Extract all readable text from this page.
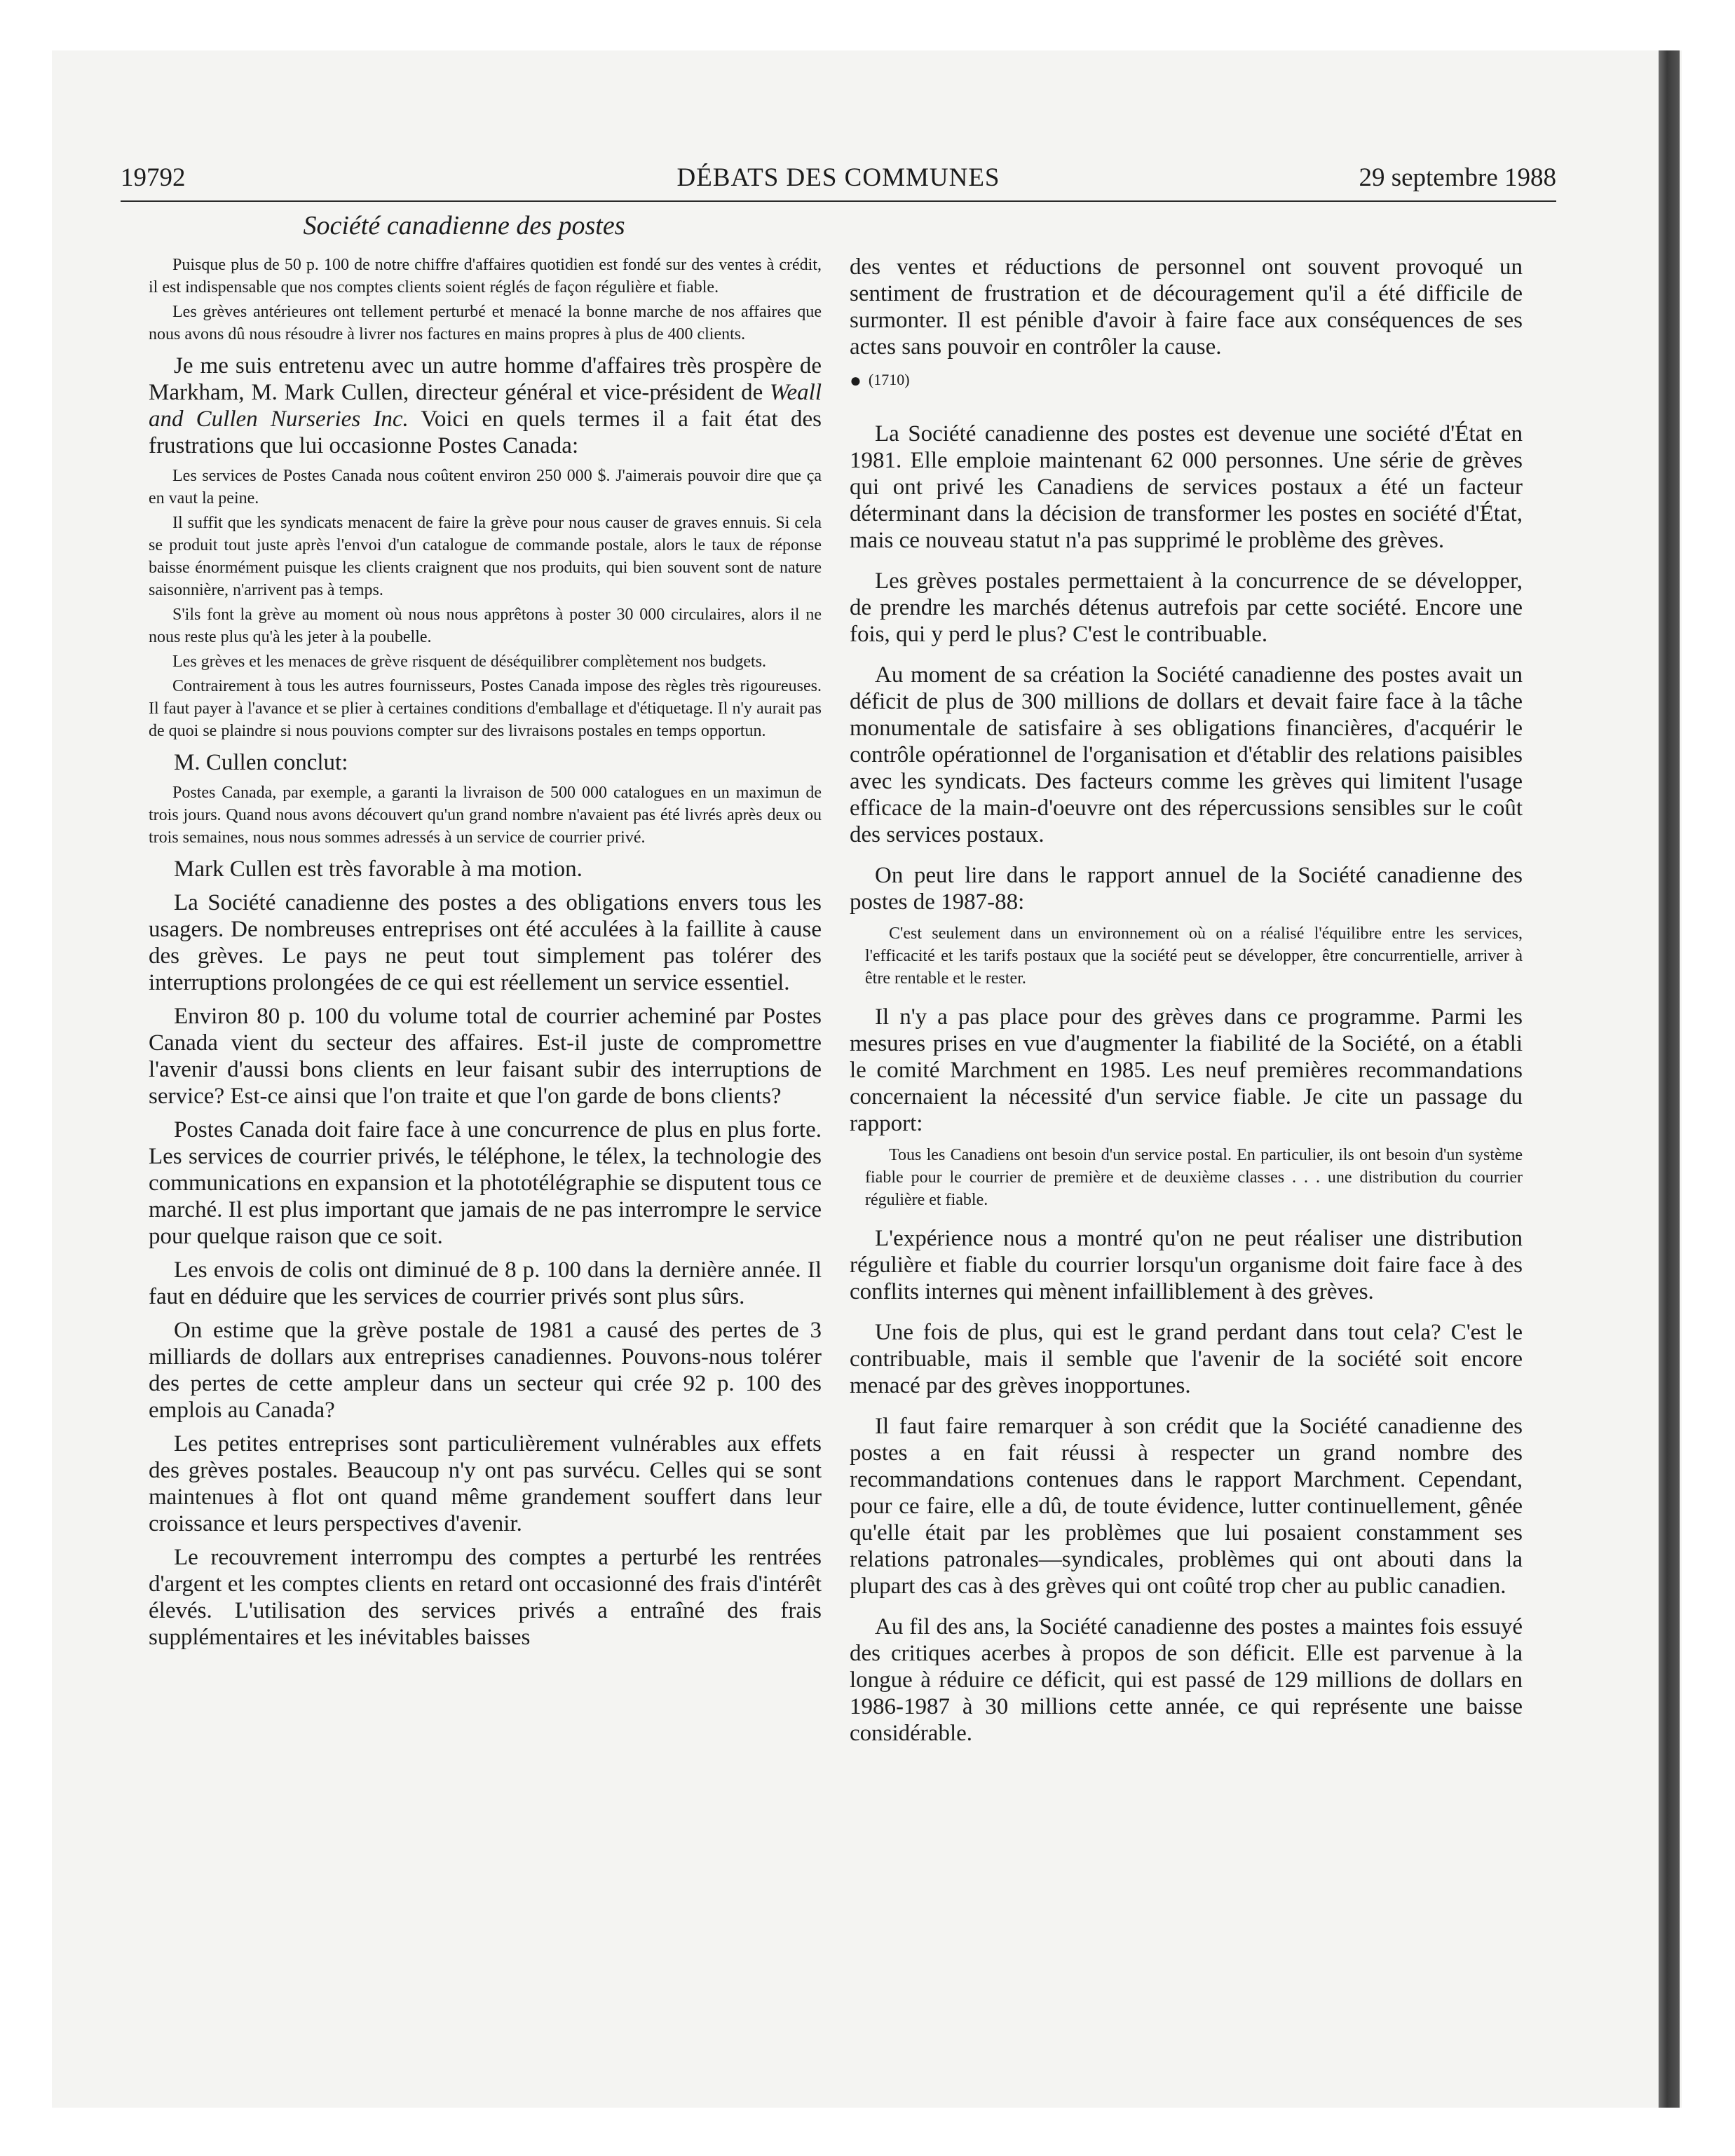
19792	DÉBATS DES COMMUNES	29 septembre 1988
Société canadienne des postes

Puisque plus de 50 p. 100 de notre chiffre d'affaires quotidien est fondé sur des ventes à crédit, il est indispensable que nos comptes clients soient réglés de façon régulière et fiable.

Les grèves antérieures ont tellement perturbé et menacé la bonne marche de nos affaires que nous avons dû nous résoudre à livrer nos factures en mains propres à plus de 400 clients.

Je me suis entretenu avec un autre homme d'affaires très prospère de Markham, M. Mark Cullen, directeur général et vice-président de Weall and Cullen Nurseries Inc. Voici en quels termes il a fait état des frustrations que lui occasionne Postes Canada:

Les services de Postes Canada nous coûtent environ 250 000 $. J'aimerais pouvoir dire que ça en vaut la peine.

Il suffit que les syndicats menacent de faire la grève pour nous causer de graves ennuis. Si cela se produit tout juste après l'envoi d'un catalogue de commande postale, alors le taux de réponse baisse énormément puisque les clients craignent que nos produits, qui bien souvent sont de nature saisonnière, n'arrivent pas à temps.

S'ils font la grève au moment où nous nous apprêtons à poster 30 000 circulaires, alors il ne nous reste plus qu'à les jeter à la poubelle.

Les grèves et les menaces de grève risquent de déséquilibrer complètement nos budgets.

Contrairement à tous les autres fournisseurs, Postes Canada impose des règles très rigoureuses. Il faut payer à l'avance et se plier à certaines conditions d'emballage et d'étiquetage. Il n'y aurait pas de quoi se plaindre si nous pouvions compter sur des livraisons postales en temps opportun.

M. Cullen conclut:

Postes Canada, par exemple, a garanti la livraison de 500 000 catalogues en un maximun de trois jours. Quand nous avons découvert qu'un grand nombre n'avaient pas été livrés après deux ou trois semaines, nous nous sommes adressés à un service de courrier privé.

Mark Cullen est très favorable à ma motion.

La Société canadienne des postes a des obligations envers tous les usagers. De nombreuses entreprises ont été acculées à la faillite à cause des grèves. Le pays ne peut tout simplement pas tolérer des interruptions prolongées de ce qui est réellement un service essentiel.

Environ 80 p. 100 du volume total de courrier acheminé par Postes Canada vient du secteur des affaires. Est-il juste de compromettre l'avenir d'aussi bons clients en leur faisant subir des interruptions de service? Est-ce ainsi que l'on traite et que l'on garde de bons clients?

Postes Canada doit faire face à une concurrence de plus en plus forte. Les services de courrier privés, le téléphone, le télex, la technologie des communications en expansion et la phototélégraphie se disputent tous ce marché. Il est plus important que jamais de ne pas interrompre le service pour quelque raison que ce soit.

Les envois de colis ont diminué de 8 p. 100 dans la dernière année. Il faut en déduire que les services de courrier privés sont plus sûrs.

On estime que la grève postale de 1981 a causé des pertes de 3 milliards de dollars aux entreprises canadiennes. Pouvons-nous tolérer des pertes de cette ampleur dans un secteur qui crée 92 p. 100 des emplois au Canada?

Les petites entreprises sont particulièrement vulnérables aux effets des grèves postales. Beaucoup n'y ont pas survécu. Celles qui se sont maintenues à flot ont quand même grandement souffert dans leur croissance et leurs perspectives d'avenir.

Le recouvrement interrompu des comptes a perturbé les rentrées d'argent et les comptes clients en retard ont occasionné des frais d'intérêt élevés. L'utilisation des services privés a entraîné des frais supplémentaires et les inévitables baisses

des ventes et réductions de personnel ont souvent provoqué un sentiment de frustration et de découragement qu'il a été difficile de surmonter. Il est pénible d'avoir à faire face aux conséquences de ses actes sans pouvoir en contrôler la cause.

● (1710)

La Société canadienne des postes est devenue une société d'État en 1981. Elle emploie maintenant 62 000 personnes. Une série de grèves qui ont privé les Canadiens de services postaux a été un facteur déterminant dans la décision de transformer les postes en société d'État, mais ce nouveau statut n'a pas supprimé le problème des grèves.

Les grèves postales permettaient à la concurrence de se développer, de prendre les marchés détenus autrefois par cette société. Encore une fois, qui y perd le plus? C'est le contribuable.

Au moment de sa création la Société canadienne des postes avait un déficit de plus de 300 millions de dollars et devait faire face à la tâche monumentale de satisfaire à ses obligations financières, d'acquérir le contrôle opérationnel de l'organisation et d'établir des relations paisibles avec les syndicats. Des facteurs comme les grèves qui limitent l'usage efficace de la main-d'oeuvre ont des répercussions sensibles sur le coût des services postaux.

On peut lire dans le rapport annuel de la Société canadienne des postes de 1987-88:

C'est seulement dans un environnement où on a réalisé l'équilibre entre les services, l'efficacité et les tarifs postaux que la société peut se développer, être concurrentielle, arriver à être rentable et le rester.

Il n'y a pas place pour des grèves dans ce programme. Parmi les mesures prises en vue d'augmenter la fiabilité de la Société, on a établi le comité Marchment en 1985. Les neuf premières recommandations concernaient la nécessité d'un service fiable. Je cite un passage du rapport:

Tous les Canadiens ont besoin d'un service postal. En particulier, ils ont besoin d'un système fiable pour le courrier de première et de deuxième classes . . . une distribution du courrier régulière et fiable.

L'expérience nous a montré qu'on ne peut réaliser une distribution régulière et fiable du courrier lorsqu'un organisme doit faire face à des conflits internes qui mènent infailliblement à des grèves.

Une fois de plus, qui est le grand perdant dans tout cela? C'est le contribuable, mais il semble que l'avenir de la société soit encore menacé par des grèves inopportunes.

Il faut faire remarquer à son crédit que la Société canadienne des postes a en fait réussi à respecter un grand nombre des recommandations contenues dans le rapport Marchment. Cependant, pour ce faire, elle a dû, de toute évidence, lutter continuellement, gênée qu'elle était par les problèmes que lui posaient constamment ses relations patronales—syndicales, problèmes qui ont abouti dans la plupart des cas à des grèves qui ont coûté trop cher au public canadien.

Au fil des ans, la Société canadienne des postes a maintes fois essuyé des critiques acerbes à propos de son déficit. Elle est parvenue à la longue à réduire ce déficit, qui est passé de 129 millions de dollars en 1986-1987 à 30 millions cette année, ce qui représente une baisse considérable.
